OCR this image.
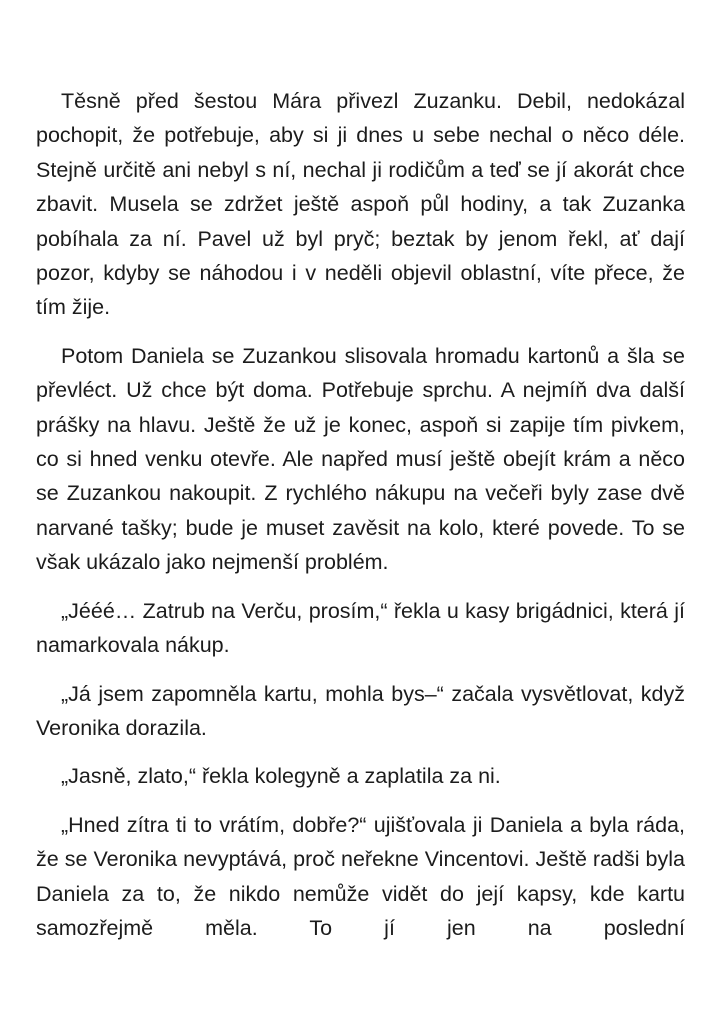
Těsně před šestou Mára přivezl Zuzanku. Debil, nedokázal pochopit, že potřebuje, aby si ji dnes u sebe nechal o něco déle. Stejně určitě ani nebyl s ní, nechal ji rodičům a teď se jí akorát chce zbavit. Musela se zdržet ještě aspoň půl hodiny, a tak Zuzanka pobíhala za ní. Pavel už byl pryč; beztak by jenom řekl, ať dají pozor, kdyby se náhodou i v neděli objevil oblastní, víte přece, že tím žije.

Potom Daniela se Zuzankou slisovala hromadu kartonů a šla se převléct. Už chce být doma. Potřebuje sprchu. A nejmíň dva další prášky na hlavu. Ještě že už je konec, aspoň si zapije tím pivkem, co si hned venku otevře. Ale napřed musí ještě obejít krám a něco se Zuzankou nakoupit. Z rychlého nákupu na večeři byly zase dvě narvané tašky; bude je muset zavěsit na kolo, které povede. To se však ukázalo jako nejmenší problém.

„Jééé… Zatrub na Verču, prosím,“ řekla u kasy brigádnici, která jí namarkovala nákup.

„Já jsem zapomněla kartu, mohla bys–“ začala vysvětlovat, když Veronika dorazila.

„Jasně, zlato,“ řekla kolegyně a zaplatila za ni.

„Hned zítra ti to vrátím, dobře?“ ujišťovala ji Daniela a byla ráda, že se Veronika nevyptává, proč neřekne Vincentovi. Ještě radši byla Daniela za to, že nikdo nemůže vidět do její kapsy, kde kartu samozřejmě měla. To jí jen na poslední
